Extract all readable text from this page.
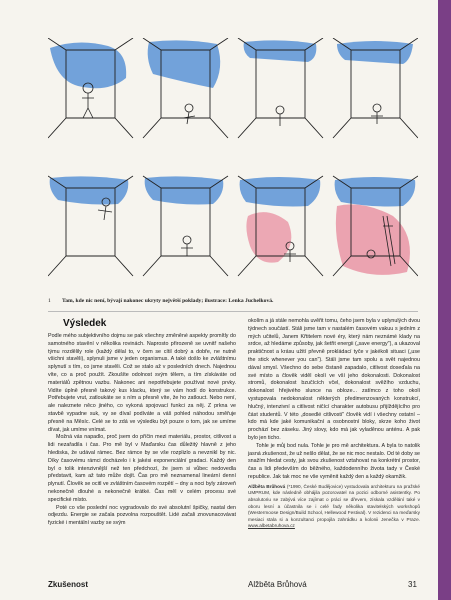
1 Tam, kde nic není, bývají nakonec ukryty největší poklady; ilustrace: Lenka Juchelková.
Výsledek

Podle mého subjektivního dojmu se pak všechny změněné aspekty promítly do samotného stavění v několika rovinách. Naprosto přirozeně se uvnitř našeho týmu rozdělily role (každý dělal to, v čem se cítil dobrý a dobře, ne nutně všichni stavěli), splynuli jsme v jeden organismus. A také došlo ke zvláštnímu splynutí s tím, co jsme stavěli. Což se stalo až v posledních dnech. Najednou víte, co a proč použít. Zkoušíte odolnost svým tělem, a tím získáváte od materiálů zpětnou vazbu. Nakonec ani nepotřebujete používat nové prvky. Vidíte úplně přesně takový kus klacku, který se vám hodí do konstrukce. Potřebujete vrut, zatloukáte se s ním a přesně víte, že ho zatlouct. Nebo není, ale naleznete něco jiného, co vykoná spojovací funkci za něj. Z prkna ve stavbě vypadne suk, vy se díval podíváte a váš pohled náhodou směřuje přesně na Měsíc. Celé se to zdá ve výsledku být pouze o tom, jak se umíme dívat, jak umíme vnímat.

Možná vás napadlo, proč jsem do příčin mezi materiálu, prostor, citlivost a lidi nezařadila i čas. Pro mě byl v Maďarsku čas důležitý hlavně z jeho hlediska, že udával rámec. Bez rámce by se vše rozplizlo a nevznikl by nic. Díky časovému rámci docházelo i k jakési exponenciální gradaci. Každý den byl o tolik intenzivnější než ten předchozí, že jsem si vůbec nedovedla představit, kam až tato může dojít. Čas pro mě neznamenal lineární denní plynutí. Člověk se ocitl ve zvláštním časovém rozpětí – dny a noci byly zároveň nekonečně dlouhé a nekonečně krátké. Čas měl v celém procesu své specifické místo.

Poté co vše poslední noc vygradovalo do své absolutní špičky, nastal den odjezdu. Energie se začala pozvolna rozpouštět. Lidé začali znovunacovávat fyzické i mentální vazby se svým

okolím a já stále nemohla uvěřit tomu, čeho jsem byla v uplynulých dvou týdnech součástí. Stáli jsme tam v nastalém časovém vakuu s jedním z mých učitelů, Janem Křtitelem nové éry, který nám neznámé klady na srdce, až hledáme způsoby, jak šetřit energii („save energy"), a ukazoval praktičnost a krásu užití převně prokládací tyče v jakékoli situaci („use the stick whenever you can"). Stáli jsme tam spolu a svět najednou dával smysl. Všechno do sebe čistaně zapadalo, citlivost doseďala na své místo a člověk viděl okolí ve vší jeho dokonalosti. Dokonalost stromů, dokonalost bzučících včel, dokonalost svěžího vzduchu, dokonalost hřejivého slunce na obloze... zatímco z toho okolí vystupovala nedokonalost některých předimenzovaných konstrukcí, hlučný, intenzivní a citlivost ničící charakter autobusu přijíždějícího pro část studentů. V této „dosedlé citlivosti" člověk vidí i všechny ostatní – kdo má kde jaké komunikační a osobnostní bloky, skrze koho život prochází bez záseku. Jiný slovy, kdo má jak vyladěnou anténu. A pak bylo jen ticho.

Tohle je můj bod nula. Tohle je pro mě architektura. A byla to natolik jasná zkušenost, že už nešlo dělat, že se nic moc nestalo. Od té doby se snažím hledat cesty, jak svou zkušenost vztahovat na konkrétní prostor, čas a lidi především do běžného, každodenního života tady v České republice. Jak tak moc ne vše vyměnit každý den a každý okamžik.

Alžběta Brůhová (*1990, České Budějovice) vystudovala architekturu na pražské UMPRUM, kde následně obhájila pozorovatel na pozici odborné asistentky. Po absolutoriu se zabývá více zajímat o práci se dřevem, získala vzdělání také v oboru lesní a účastnila se i celé řady několika stavitelských workshopů (Westermoose Design/Build School, Hellewood Festival). V rezidenci na meďarsky mesiaci stala si a konzultanci propojila zahrádku a kolonii Jenečka v Praze. www.albetabruhova.cz

Zkušenost	Alžběta Brůhová	31
